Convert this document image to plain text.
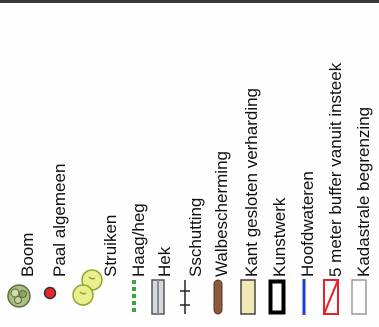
Boom Paal algemeen Struiken Haag/heg Hek Sschutting Walbescherming Kant gesloten verharding Kunstwerk Hoofdwateren 5 meter buffer vanuit insteek Kadastrale begrenzing
